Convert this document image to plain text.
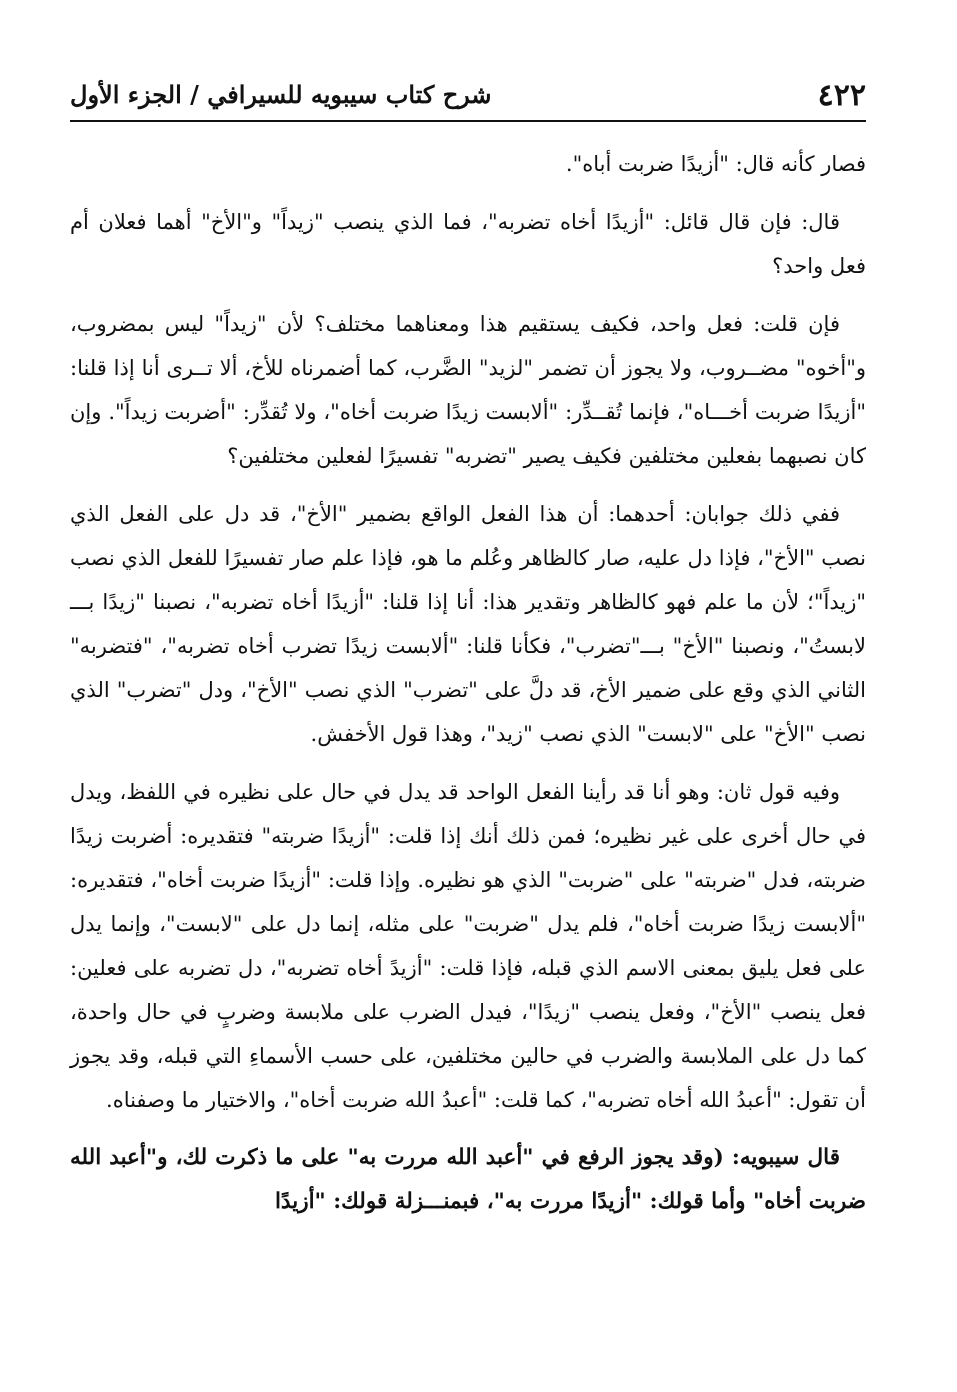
٤٢٢
شرح كتاب سيبويه للسيرافي / الجزء الأول

فصار كأنه قال: "أزيدًا ضربت أباه".

قال: فإن قال قائل: "أزيدًا أخاه تضربه"، فما الذي ينصب "زيداً" و"الأخ" أهما فعلان أم فعل واحد؟

فإن قلت: فعل واحد، فكيف يستقيم هذا ومعناهما مختلف؟ لأن "زيداً" ليس بمضروب، و"أخوه" مضــروب، ولا يجوز أن تضمر "لزيد" الضَّرب، كما أضمرناه للأخ، ألا تــرى أنا إذا قلنا: "أزيدًا ضربت أخـــاه"، فإنما تُقــدِّر: "ألابست زيدًا ضربت أخاه"، ولا تُقدِّر: "أضربت زيداً". وإن كان نصبهما بفعلين مختلفين فكيف يصير "تضربه" تفسيرًا لفعلين مختلفين؟

ففي ذلك جوابان: أحدهما: أن هذا الفعل الواقع بضمير "الأخ"، قد دل على الفعل الذي نصب "الأخ"، فإذا دل عليه، صار كالظاهر وعُلم ما هو، فإذا علم صار تفسيرًا للفعل الذي نصب "زيداً"؛ لأن ما علم فهو كالظاهر وتقدير هذا: أنا إذا قلنا: "أزيدًا أخاه تضربه"، نصبنا "زيدًا بـــ لابستُ"، ونصبنا "الأخ" بـــ"تضرب"، فكأنا قلنا: "ألابست زيدًا تضرب أخاه تضربه"، "فتضربه" الثاني الذي وقع على ضمير الأخ، قد دلَّ على "تضرب" الذي نصب "الأخ"، ودل "تضرب" الذي نصب "الأخ" على "لابست" الذي نصب "زيد"، وهذا قول الأخفش.

وفيه قول ثان: وهو أنا قد رأينا الفعل الواحد قد يدل في حال على نظيره في اللفظ، ويدل في حال أخرى على غير نظيره؛ فمن ذلك أنك إذا قلت: "أزيدًا ضربته" فتقديره: أضربت زيدًا ضربته، فدل "ضربته" على "ضربت" الذي هو نظيره. وإذا قلت: "أزيدًا ضربت أخاه"، فتقديره: "ألابست زيدًا ضربت أخاه"، فلم يدل "ضربت" على مثله، إنما دل على "لابست"، وإنما يدل على فعل يليق بمعنى الاسم الذي قبله، فإذا قلت: "أزيدً أخاه تضربه"، دل تضربه على فعلين: فعل ينصب "الأخ"، وفعل ينصب "زيدًا"، فيدل الضرب على ملابسة وضربٍ في حال واحدة، كما دل على الملابسة والضرب في حالين مختلفين، على حسب الأسماءِ التي قبله، وقد يجوز أن تقول: "أعبدُ الله أخاه تضربه"، كما قلت: "أعبدُ الله ضربت أخاه"، والاختيار ما وصفناه.

قال سيبويه: (وقد يجوز الرفع في "أعبد الله مررت به" على ما ذكرت لك، و"أعبد الله ضربت أخاه" وأما قولك: "أزيدًا مررت به"، فبمنـــزلة قولك: "أزيدًا
